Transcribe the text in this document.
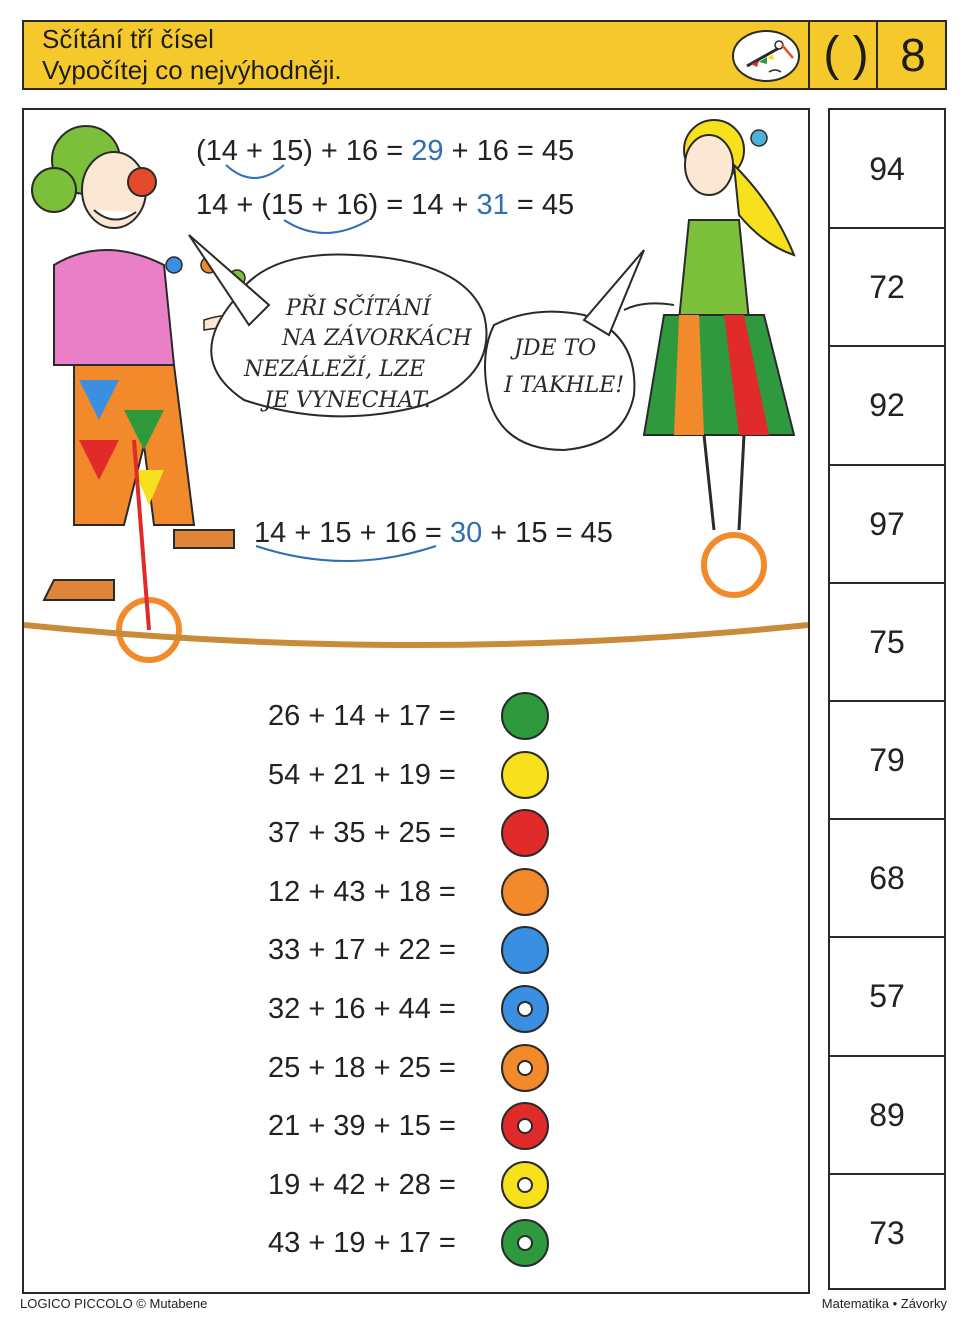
Sčítání tří čísel
Vypočítej co nejvýhodněji.	( ) 8
PŘI SČÍTÁNÍ
NA ZÁVORKÁCH
NEZÁLEŽÍ, LZE
JE VYNECHAT.
JDE TO
I TAKHLE!
(14 + 15) + 16 = 29 + 16 = 45
14 + (15 + 16) = 14 + 31 = 45
14 + 15 + 16 = 30 + 15 = 45
26 + 14 + 17 =
54 + 21 + 19 =
37 + 35 + 25 =
12 + 43 + 18 =
33 + 17 + 22 =
32 + 16 + 44 =
25 + 18 + 25 =
21 + 39 + 15 =
19 + 42 + 28 =
43 + 19 + 17 =
94
72
92
97
75
79
68
57
89
73
LOGICO PICCOLO © Mutabene	Matematika • Závorky
